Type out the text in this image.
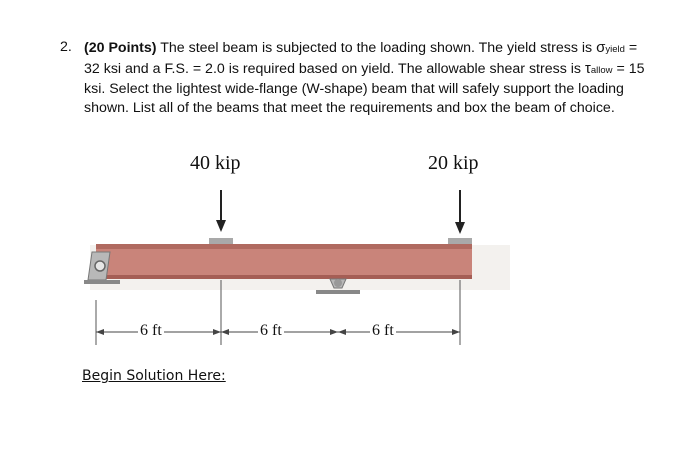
2. (20 Points) The steel beam is subjected to the loading shown. The yield stress is σyield = 32 ksi and a F.S. = 2.0 is required based on yield. The allowable shear stress is τallow = 15 ksi. Select the lightest wide-flange (W-shape) beam that will safely support the loading shown. List all of the beams that meet the requirements and box the beam of choice.
40 kip	20 kip
6 ft	6 ft	6 ft
Begin Solution Here:
